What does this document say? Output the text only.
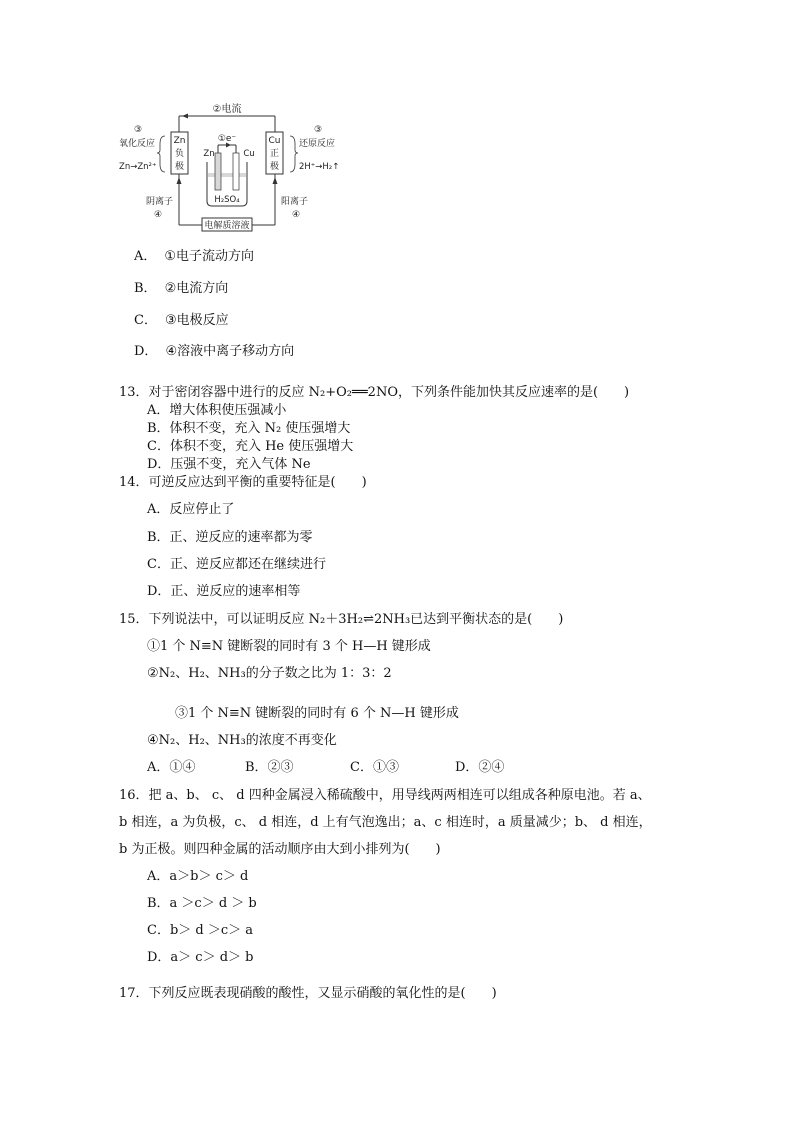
②电流
Zn
负
极
Cu
正
极
③
氧化反应
Zn→Zn²⁺
③
还原反应
2H⁺→H₂↑
①e⁻
Zn	Cu
H₂SO₄
电解质溶液
阴离子
④
阳离子
④
A． ①电子流动方向
B． ②电流方向
C． ③电极反应
D． ④溶液中离子移动方向
13．对于密闭容器中进行的反应 N₂+O₂══2NO，下列条件能加快其反应速率的是(　　)
A．增大体积使压强减小
B．体积不变，充入 N₂ 使压强增大
C．体积不变，充入 He 使压强增大
D．压强不变，充入气体 Ne
14．可逆反应达到平衡的重要特征是(　　)
A．反应停止了
B．正、逆反应的速率都为零
C．正、逆反应都还在继续进行
D．正、逆反应的速率相等
15．下列说法中，可以证明反应 N₂＋3H₂⇌2NH₃已达到平衡状态的是(　　)
①1 个 N≡N 键断裂的同时有 3 个 H—H 键形成
②N₂、H₂、NH₃的分子数之比为 1：3：2
③1 个 N≡N 键断裂的同时有 6 个 N—H 键形成
④N₂、H₂、NH₃的浓度不再变化
A．①④	B．②③	C．①③	D．②④
16．把 a、b、 c、 d 四种金属浸入稀硫酸中，用导线两两相连可以组成各种原电池。若 a、
b 相连，a 为负极，c、 d 相连，d 上有气泡逸出；a、c 相连时，a 质量减少；b、 d 相连，
b 为正极。则四种金属的活动顺序由大到小排列为(　　)
A．a＞b＞ c＞ d
B．a ＞c＞ d ＞ b
C．b＞ d ＞c＞ a
D．a＞ c＞ d＞ b
17．下列反应既表现硝酸的酸性，又显示硝酸的氧化性的是(　　)
